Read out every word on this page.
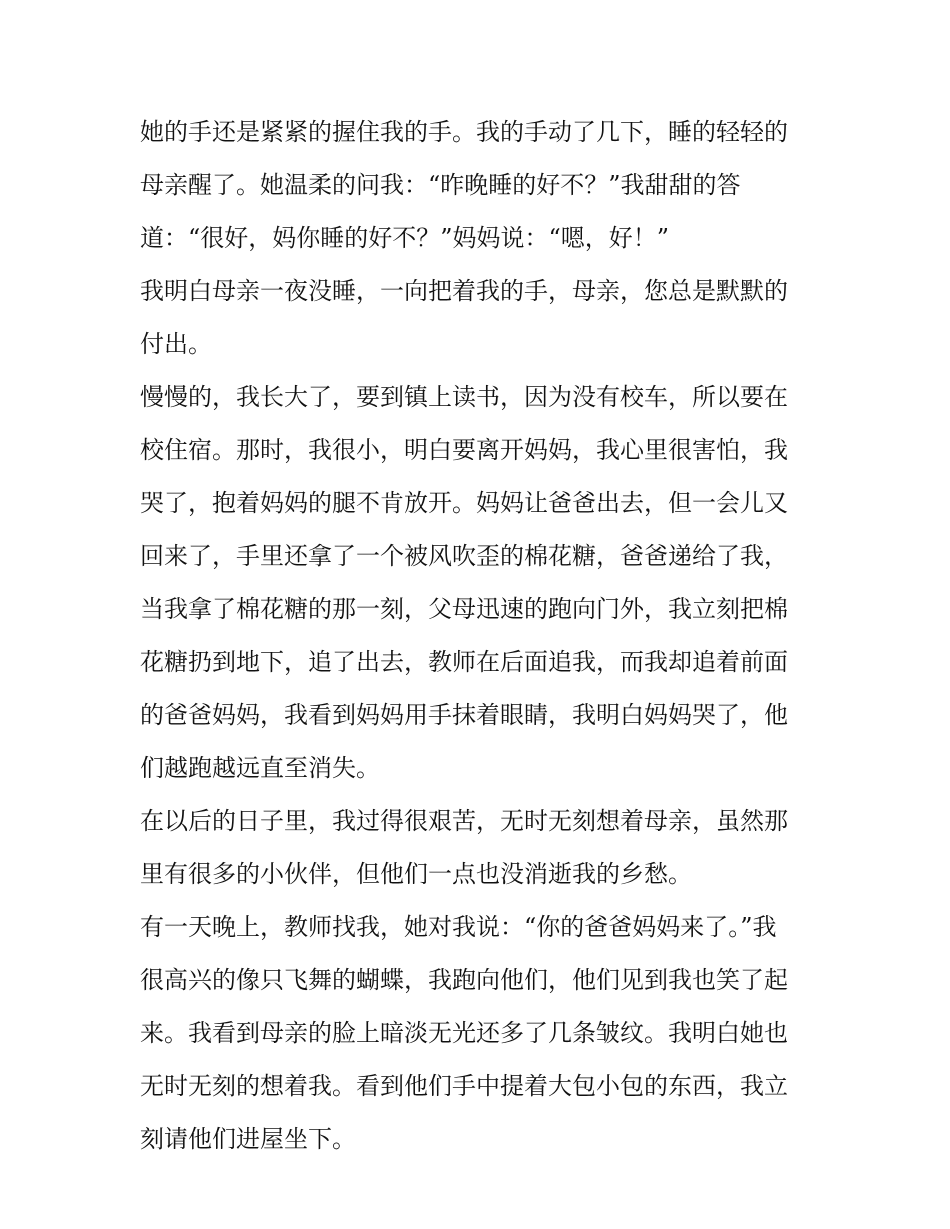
她的手还是紧紧的握住我的手。我的手动了几下，睡的轻轻的
母亲醒了。她温柔的问我：“昨晚睡的好不？”我甜甜的答
道：“很好，妈你睡的好不？”妈妈说：“嗯，好！”
我明白母亲一夜没睡，一向把着我的手，母亲，您总是默默的
付出。
慢慢的，我长大了，要到镇上读书，因为没有校车，所以要在
校住宿。那时，我很小，明白要离开妈妈，我心里很害怕，我
哭了，抱着妈妈的腿不肯放开。妈妈让爸爸出去，但一会儿又
回来了，手里还拿了一个被风吹歪的棉花糖，爸爸递给了我，
当我拿了棉花糖的那一刻，父母迅速的跑向门外，我立刻把棉
花糖扔到地下，追了出去，教师在后面追我，而我却追着前面
的爸爸妈妈，我看到妈妈用手抹着眼睛，我明白妈妈哭了，他
们越跑越远直至消失。
在以后的日子里，我过得很艰苦，无时无刻想着母亲，虽然那
里有很多的小伙伴，但他们一点也没消逝我的乡愁。
有一天晚上，教师找我，她对我说：“你的爸爸妈妈来了。”我
很高兴的像只飞舞的蝴蝶，我跑向他们，他们见到我也笑了起
来。我看到母亲的脸上暗淡无光还多了几条皱纹。我明白她也
无时无刻的想着我。看到他们手中提着大包小包的东西，我立
刻请他们进屋坐下。
